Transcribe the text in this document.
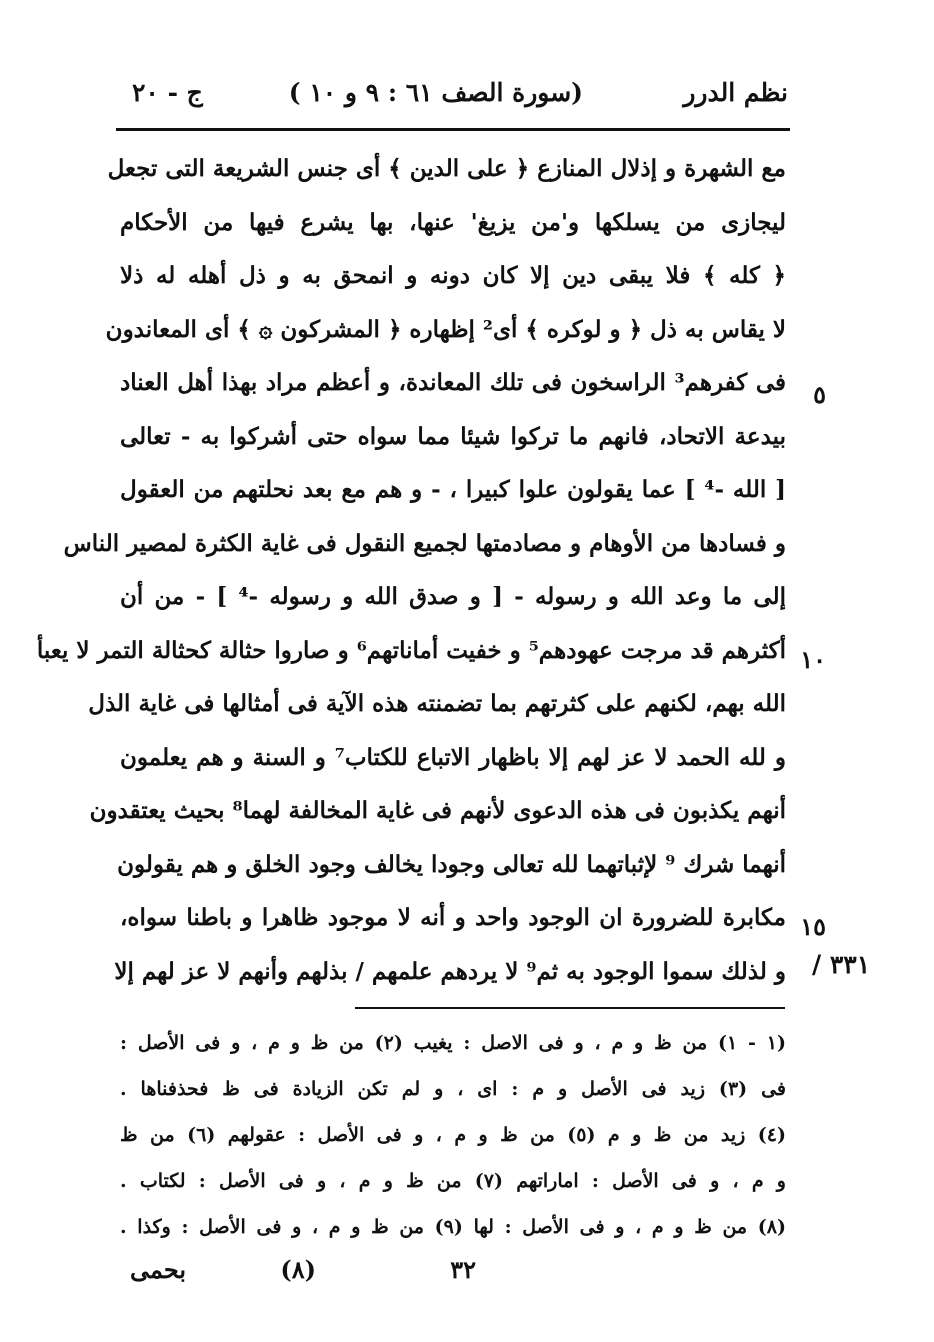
نظم الدرر
(سورة الصف ٦١ : ٩ و ١٠ )
ج - ٢٠
مع الشهرة و إذلال المنازع ﴿ على الدين ﴾ أى جنس الشريعة التى تجعل
ليجازى من يسلكها و'من يزيغ' عنها، بها يشرع فيها من الأحكام
﴿ كله ﴾ فلا يبقى دين إلا كان دونه و انمحق به و ذل أهله له ذلا
لا يقاس به ذل ﴿ و لوكره ﴾ أى² إظهاره ﴿ المشركون ۞ ﴾ أى المعاندون
فى كفرهم³ الراسخون فى تلك المعاندة، و أعظم مراد بهذا أهل العناد
بيدعة الاتحاد، فانهم ما تركوا شيئا مما سواه حتى أشركوا به - تعالى
[ الله -⁴ ] عما يقولون علوا كبيرا ، - و هم مع بعد نحلتهم من العقول
و فسادها من الأوهام و مصادمتها لجميع النقول فى غاية الكثرة لمصير الناس
إلى ما وعد الله و رسوله - [ و صدق الله و رسوله -⁴ ] - من أن
أكثرهم قد مرجت عهودهم⁵ و خفيت أماناتهم⁶ و صاروا حثالة كحثالة التمر لا يعبأ
الله بهم، لكنهم على كثرتهم بما تضمنته هذه الآية فى أمثالها فى غاية الذل
و لله الحمد لا عز لهم إلا باظهار الاتباع للكتاب⁷ و السنة و هم يعلمون
أنهم يكذبون فى هذه الدعوى لأنهم فى غاية المخالفة لهما⁸ بحيث يعتقدون
أنهما شرك ⁹ لإثباتهما لله تعالى وجودا يخالف وجود الخلق و هم يقولون
مكابرة للضرورة ان الوجود واحد و أنه لا موجود ظاهرا و باطنا سواه،
و لذلك سموا الوجود به ثم⁹ لا يردهم علمهم / بذلهم وأنهم لا عز لهم إلا
٥
١٠
١٥
/ ٣٣١
(١ - ١) من ظ و م ، و فى الاصل : يغيب (٢) من ظ و م ، و فى الأصل :
فى (٣) زيد فى الأصل و م : اى ، و لم تكن الزيادة فى ظ فحذفناها .
(٤) زيد من ظ و م (٥) من ظ و م ، و فى الأصل : عقولهم (٦) من ظ
و م ، و فى الأصل : اماراتهم (٧) من ظ و م ، و فى الأصل : لكتاب .
(٨) من ظ و م ، و فى الأصل : لها (٩) من ظ و م ، و فى الأصل : وكذا .
٣٢
(٨)
بحمى
